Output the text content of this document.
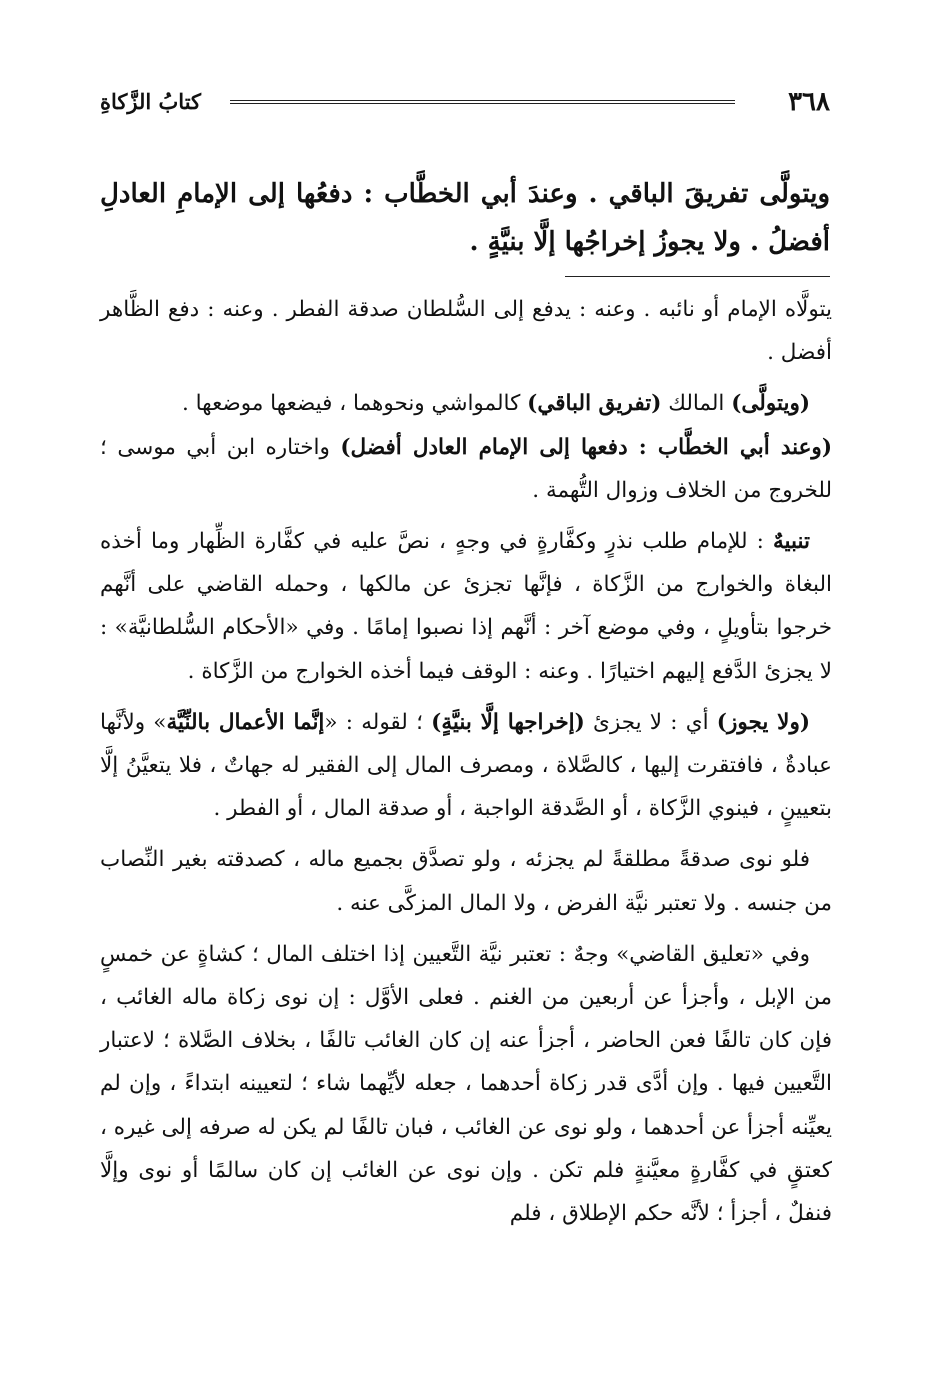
٣٦٨
كتابُ الزَّكاةِ
ويتولَّى تفريقَ الباقي . وعندَ أبي الخطَّاب : دفعُها إلى الإمامِ العادلِ أفضلُ . ولا يجوزُ إخراجُها إلَّا بنيَّةٍ .

يتولَّاه الإمام أو نائبه . وعنه : يدفع إلى السُّلطان صدقة الفطر . وعنه : دفع الظَّاهر أفضل .

(ويتولَّى) المالك (تفريق الباقي) كالمواشي ونحوهما ، فيضعها موضعها .

(وعند أبي الخطَّاب : دفعها إلى الإمام العادل أفضل) واختاره ابن أبي موسى ؛ للخروج من الخلاف وزوال التُّهمة .

تنبيهٌ : للإمام طلب نذرٍ وكفَّارةٍ في وجهٍ ، نصَّ عليه في كفَّارة الظِّهار وما أخذه البغاة والخوارج من الزَّكاة ، فإنَّها تجزئ عن مالكها ، وحمله القاضي على أنَّهم خرجوا بتأويلٍ ، وفي موضع آخر : أنَّهم إذا نصبوا إمامًا . وفي «الأحكام السُّلطانيَّة» : لا يجزئ الدَّفع إليهم اختيارًا . وعنه : الوقف فيما أخذه الخوارج من الزَّكاة .

(ولا يجوز) أي : لا يجزئ (إخراجها إلَّا بنيَّةٍ) ؛ لقوله : «إنَّما الأعمال بالنِّيَّة» ولأنَّها عبادةٌ ، فافتقرت إليها ، كالصَّلاة ، ومصرف المال إلى الفقير له جهاتٌ ، فلا يتعيَّنُ إلَّا بتعيينٍ ، فينوي الزَّكاة ، أو الصَّدقة الواجبة ، أو صدقة المال ، أو الفطر .

فلو نوى صدقةً مطلقةً لم يجزئه ، ولو تصدَّق بجميع ماله ، كصدقته بغير النِّصاب من جنسه . ولا تعتبر نيَّة الفرض ، ولا المال المزكَّى عنه .

وفي «تعليق القاضي» وجهٌ : تعتبر نيَّة التَّعيين إذا اختلف المال ؛ كشاةٍ عن خمسٍ من الإبل ، وأجزأ عن أربعين من الغنم . فعلى الأوَّل : إن نوى زكاة ماله الغائب ، فإن كان تالفًا فعن الحاضر ، أجزأ عنه إن كان الغائب تالفًا ، بخلاف الصَّلاة ؛ لاعتبار التَّعيين فيها . وإن أدَّى قدر زكاة أحدهما ، جعله لأيِّهما شاء ؛ لتعيينه ابتداءً ، وإن لم يعيِّنه أجزأ عن أحدهما ، ولو نوى عن الغائب ، فبان تالفًا لم يكن له صرفه إلى غيره ، كعتقٍ في كفَّارةٍ معيَّنةٍ فلم تكن . وإن نوى عن الغائب إن كان سالمًا أو نوى وإلَّا فنفلٌ ، أجزأ ؛ لأنَّه حكم الإطلاق ، فلم
